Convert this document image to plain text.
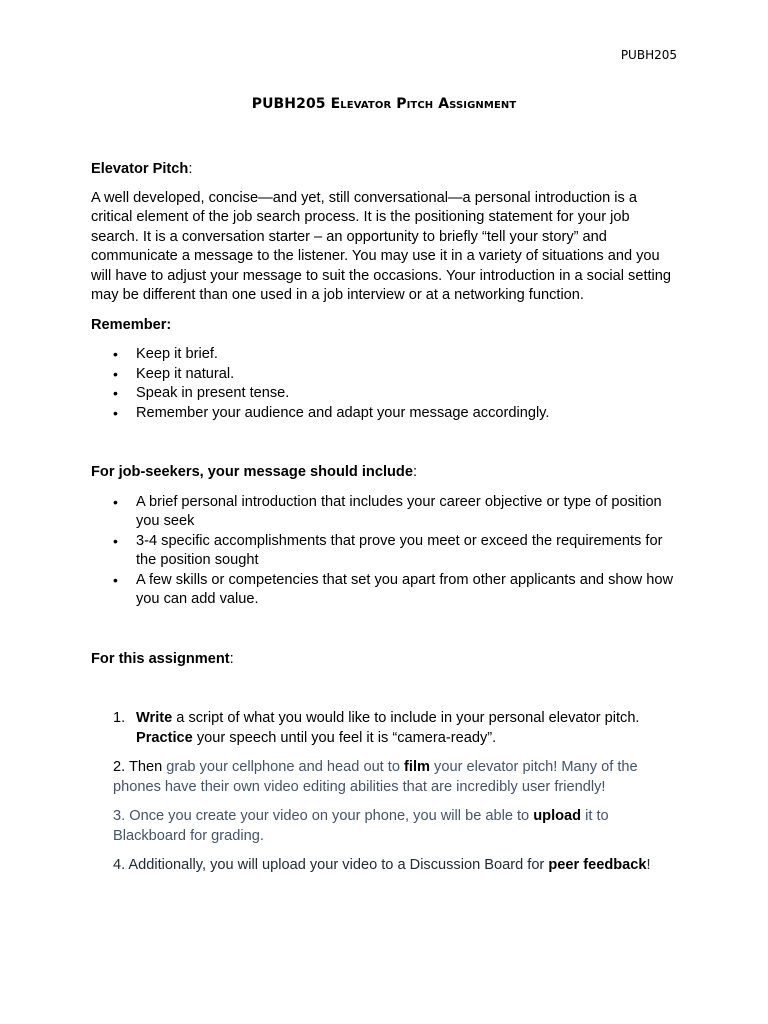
PUBH205
PUBH205 Elevator Pitch Assignment

Elevator Pitch:

A well developed, concise—and yet, still conversational—a personal introduction is a critical element of the job search process. It is the positioning statement for your job search. It is a conversation starter – an opportunity to briefly “tell your story” and communicate a message to the listener. You may use it in a variety of situations and you will have to adjust your message to suit the occasions. Your introduction in a social setting may be different than one used in a job interview or at a networking function.

Remember:

• Keep it brief.
• Keep it natural.
• Speak in present tense.
• Remember your audience and adapt your message accordingly.

For job-seekers, your message should include:

• A brief personal introduction that includes your career objective or type of position you seek
• 3-4 specific accomplishments that prove you meet or exceed the requirements for the position sought
• A few skills or competencies that set you apart from other applicants and show how you can add value.

For this assignment:

1. Write a script of what you would like to include in your personal elevator pitch.
Practice your speech until you feel it is “camera-ready”.

2. Then grab your cellphone and head out to film your elevator pitch! Many of the phones have their own video editing abilities that are incredibly user friendly!

3. Once you create your video on your phone, you will be able to upload it to Blackboard for grading.

4. Additionally, you will upload your video to a Discussion Board for peer feedback!
